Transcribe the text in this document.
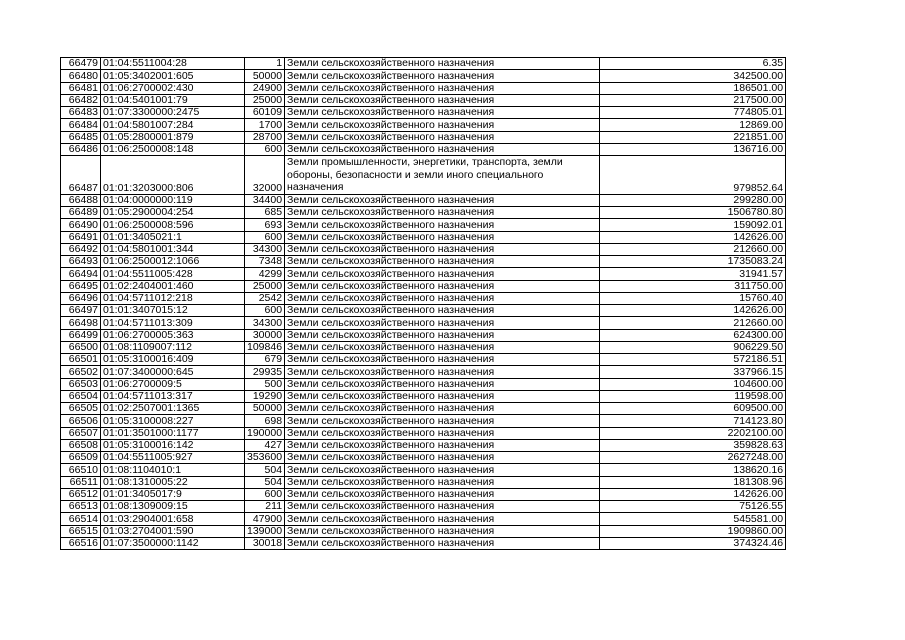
66479	01:04:5511004:28	1	Земли сельскохозяйственного назначения	6.35
66480	01:05:3402001:605	50000	Земли сельскохозяйственного назначения	342500.00
66481	01:06:2700002:430	24900	Земли сельскохозяйственного назначения	186501.00
66482	01:04:5401001:79	25000	Земли сельскохозяйственного назначения	217500.00
66483	01:07:3300000:2475	60109	Земли сельскохозяйственного назначения	774805.01
66484	01:04:5801007:284	1700	Земли сельскохозяйственного назначения	12869.00
66485	01:05:2800001:879	28700	Земли сельскохозяйственного назначения	221851.00
66486	01:06:2500008:148	600	Земли сельскохозяйственного назначения	136716.00
66487	01:01:3203000:806	32000	Земли промышленности, энергетики, транспорта, земли обороны, безопасности и земли иного специального назначения	979852.64
66488	01:04:0000000:119	34400	Земли сельскохозяйственного назначения	299280.00
66489	01:05:2900004:254	685	Земли сельскохозяйственного назначения	1506780.80
66490	01:06:2500008:596	693	Земли сельскохозяйственного назначения	159092.01
66491	01:01:3405021:1	600	Земли сельскохозяйственного назначения	142626.00
66492	01:04:5801001:344	34300	Земли сельскохозяйственного назначения	212660.00
66493	01:06:2500012:1066	7348	Земли сельскохозяйственного назначения	1735083.24
66494	01:04:5511005:428	4299	Земли сельскохозяйственного назначения	31941.57
66495	01:02:2404001:460	25000	Земли сельскохозяйственного назначения	311750.00
66496	01:04:5711012:218	2542	Земли сельскохозяйственного назначения	15760.40
66497	01:01:3407015:12	600	Земли сельскохозяйственного назначения	142626.00
66498	01:04:5711013:309	34300	Земли сельскохозяйственного назначения	212660.00
66499	01:06:2700005:363	30000	Земли сельскохозяйственного назначения	624300.00
66500	01:08:1109007:112	109846	Земли сельскохозяйственного назначения	906229.50
66501	01:05:3100016:409	679	Земли сельскохозяйственного назначения	572186.51
66502	01:07:3400000:645	29935	Земли сельскохозяйственного назначения	337966.15
66503	01:06:2700009:5	500	Земли сельскохозяйственного назначения	104600.00
66504	01:04:5711013:317	19290	Земли сельскохозяйственного назначения	119598.00
66505	01:02:2507001:1365	50000	Земли сельскохозяйственного назначения	609500.00
66506	01:05:3100008:227	698	Земли сельскохозяйственного назначения	714123.80
66507	01:01:3501000:1177	190000	Земли сельскохозяйственного назначения	2202100.00
66508	01:05:3100016:142	427	Земли сельскохозяйственного назначения	359828.63
66509	01:04:5511005:927	353600	Земли сельскохозяйственного назначения	2627248.00
66510	01:08:1104010:1	504	Земли сельскохозяйственного назначения	138620.16
66511	01:08:1310005:22	504	Земли сельскохозяйственного назначения	181308.96
66512	01:01:3405017:9	600	Земли сельскохозяйственного назначения	142626.00
66513	01:08:1309009:15	211	Земли сельскохозяйственного назначения	75126.55
66514	01:03:2904001:658	47900	Земли сельскохозяйственного назначения	545581.00
66515	01:03:2704001:590	139000	Земли сельскохозяйственного назначения	1909860.00
66516	01:07:3500000:1142	30018	Земли сельскохозяйственного назначения	374324.46
